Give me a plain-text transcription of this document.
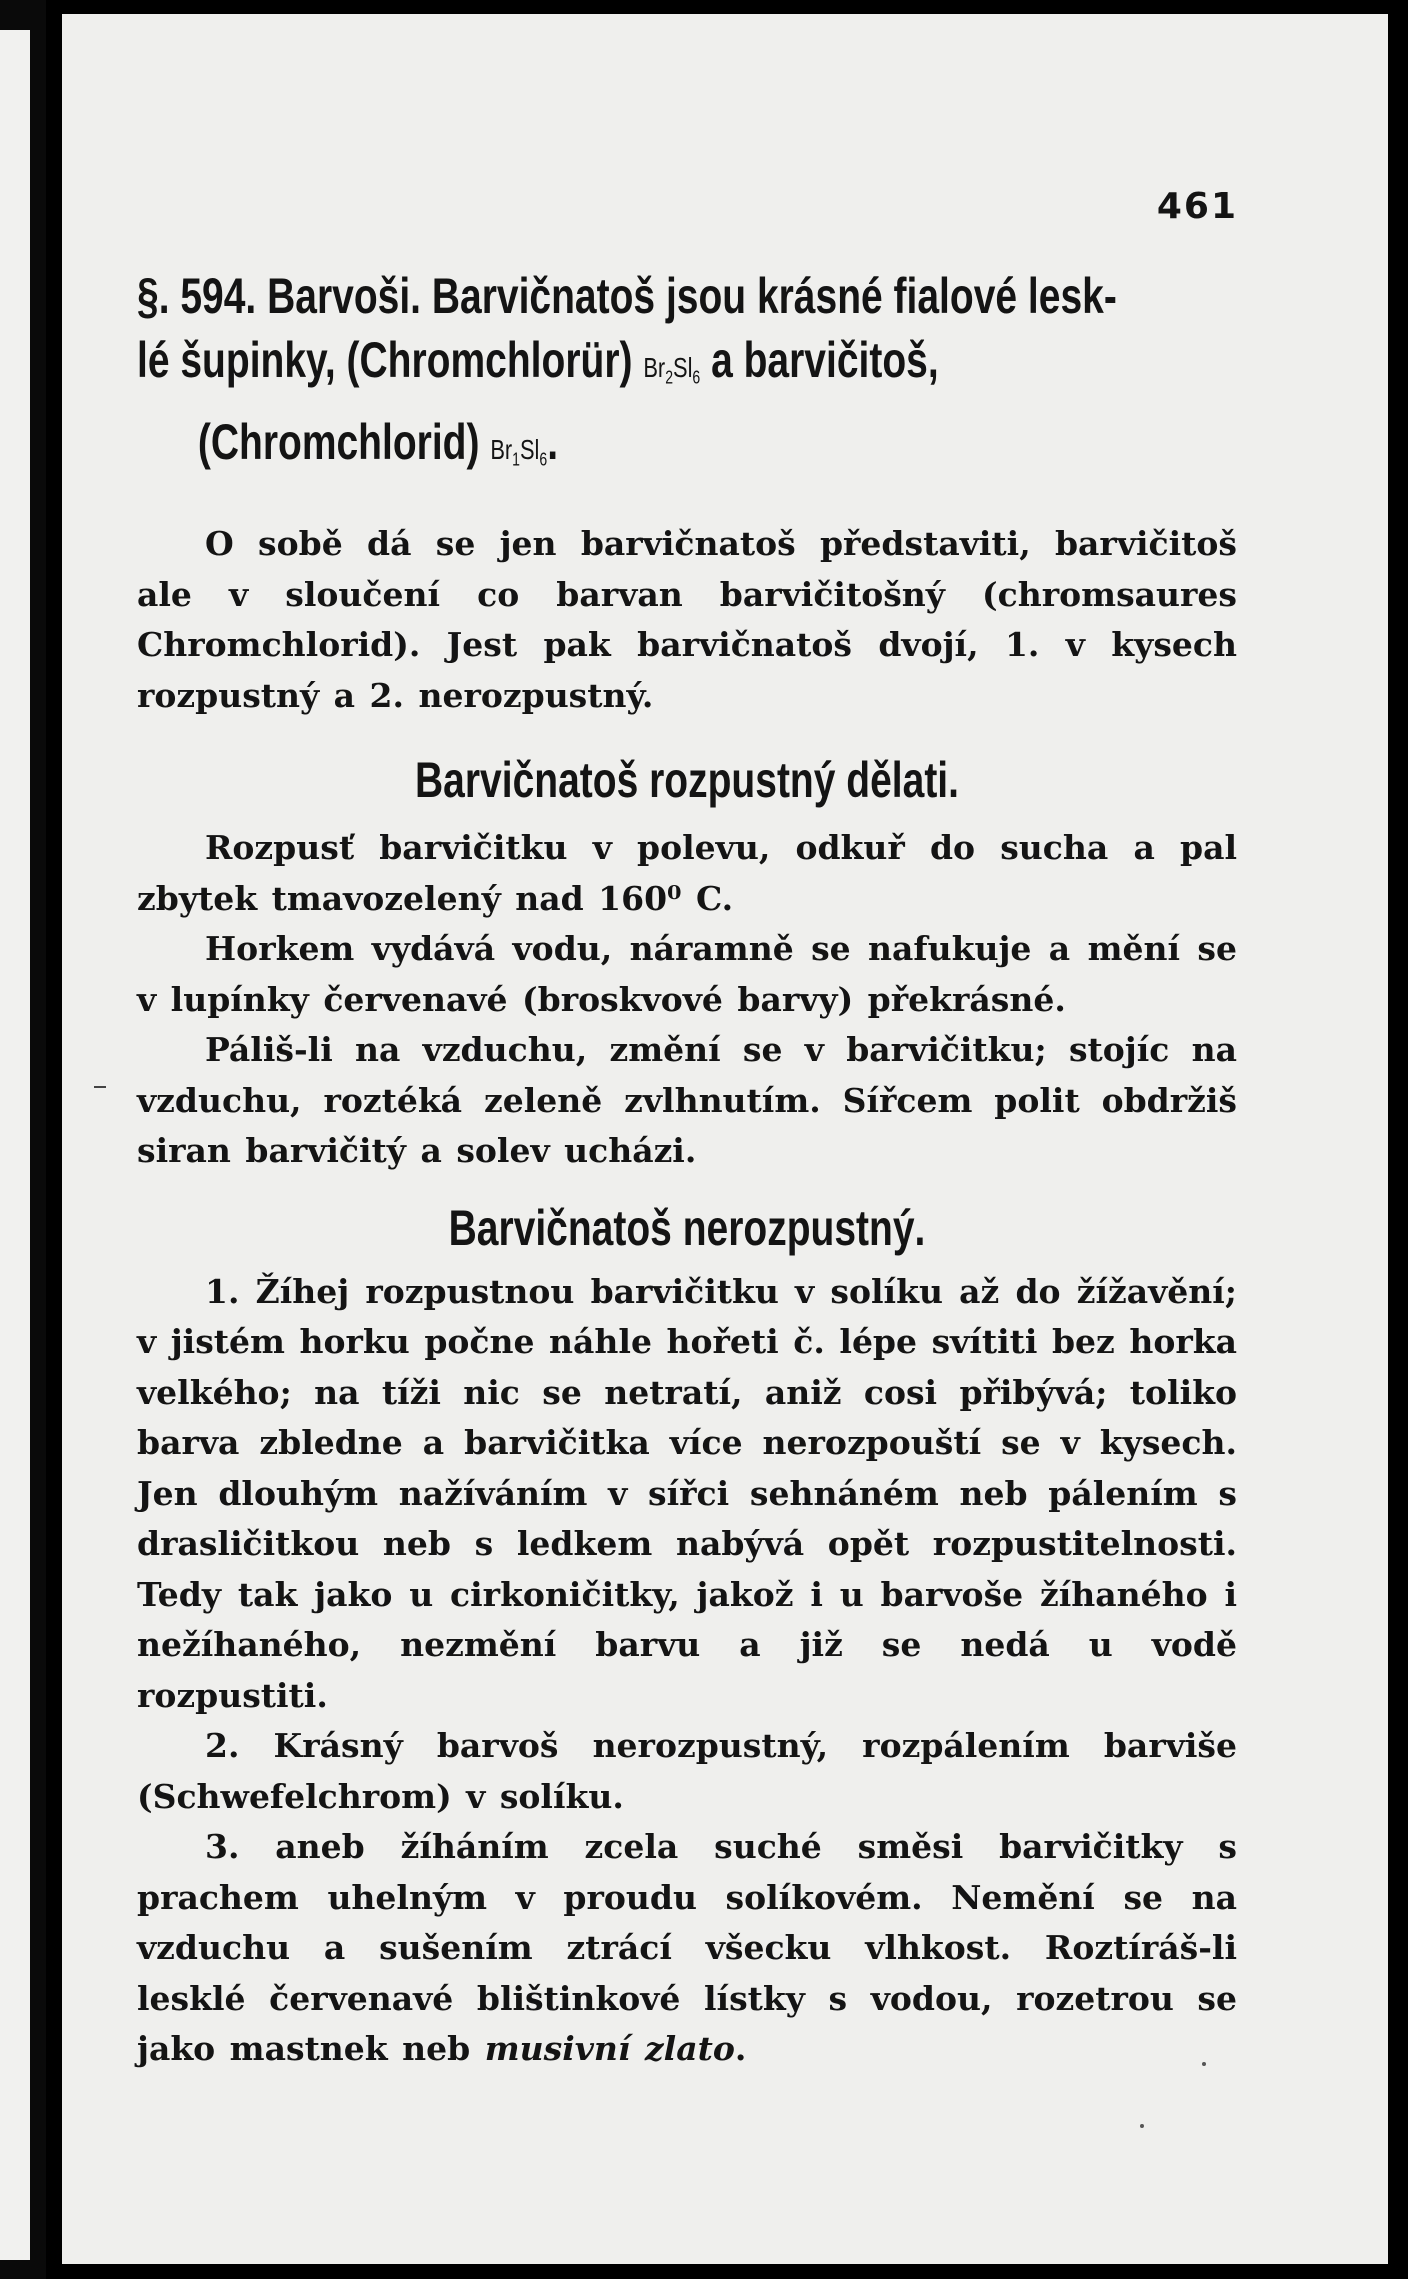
461
§. 594. Barvoši. Barvičnatoš jsou krásné fialové lesk-
lé šupinky, (Chromchlorür) $Br_2Sl_6$ a barvičitoš,
(Chromchlorid) $Br_1Sl_6$.

O sobě dá se jen barvičnatoš představiti, barvičitoš ale v sloučení co barvan barvičitošný (chromsaures Chromchlorid). Jest pak barvičnatoš dvojí, 1. v kysech rozpustný a 2. nerozpustný.

Barvičnatoš rozpustný dělati.

Rozpusť barvičitku v polevu, odkuř do sucha a pal zbytek tmavozelený nad 160⁰ C.

Horkem vydává vodu, náramně se nafukuje a mění se v lupínky červenavé (broskvové barvy) překrásné.

Páliš-li na vzduchu, změní se v barvičitku; stojíc na vzduchu, roztéká zeleně zvlhnutím. Sířcem polit obdržiš siran barvičitý a solev ucházi.

Barvičnatoš nerozpustný.

1. Žíhej rozpustnou barvičitku v solíku až do žížavění; v jistém horku počne náhle hořeti č. lépe svítiti bez horka velkého; na tíži nic se netratí, aniž cosi přibývá; toliko barva zbledne a barvičitka více nerozpouští se v kysech. Jen dlouhým nažíváním v sířci sehnáném neb pálením s drasličitkou neb s ledkem nabývá opět rozpustitelnosti. Tedy tak jako u cirkoničitky, jakož i u barvoše žíhaného i nežíhaného, nezmění barvu a již se nedá u vodě rozpustiti.

2. Krásný barvoš nerozpustný, rozpálením barviše (Schwefelchrom) v solíku.

3. aneb žíháním zcela suché směsi barvičitky s prachem uhelným v proudu solíkovém. Nemění se na vzduchu a sušením ztrácí všecku vlhkost. Roztíráš-li lesklé červenavé blištinkové lístky s vodou, rozetrou se jako mastnek neb musivní zlato.
